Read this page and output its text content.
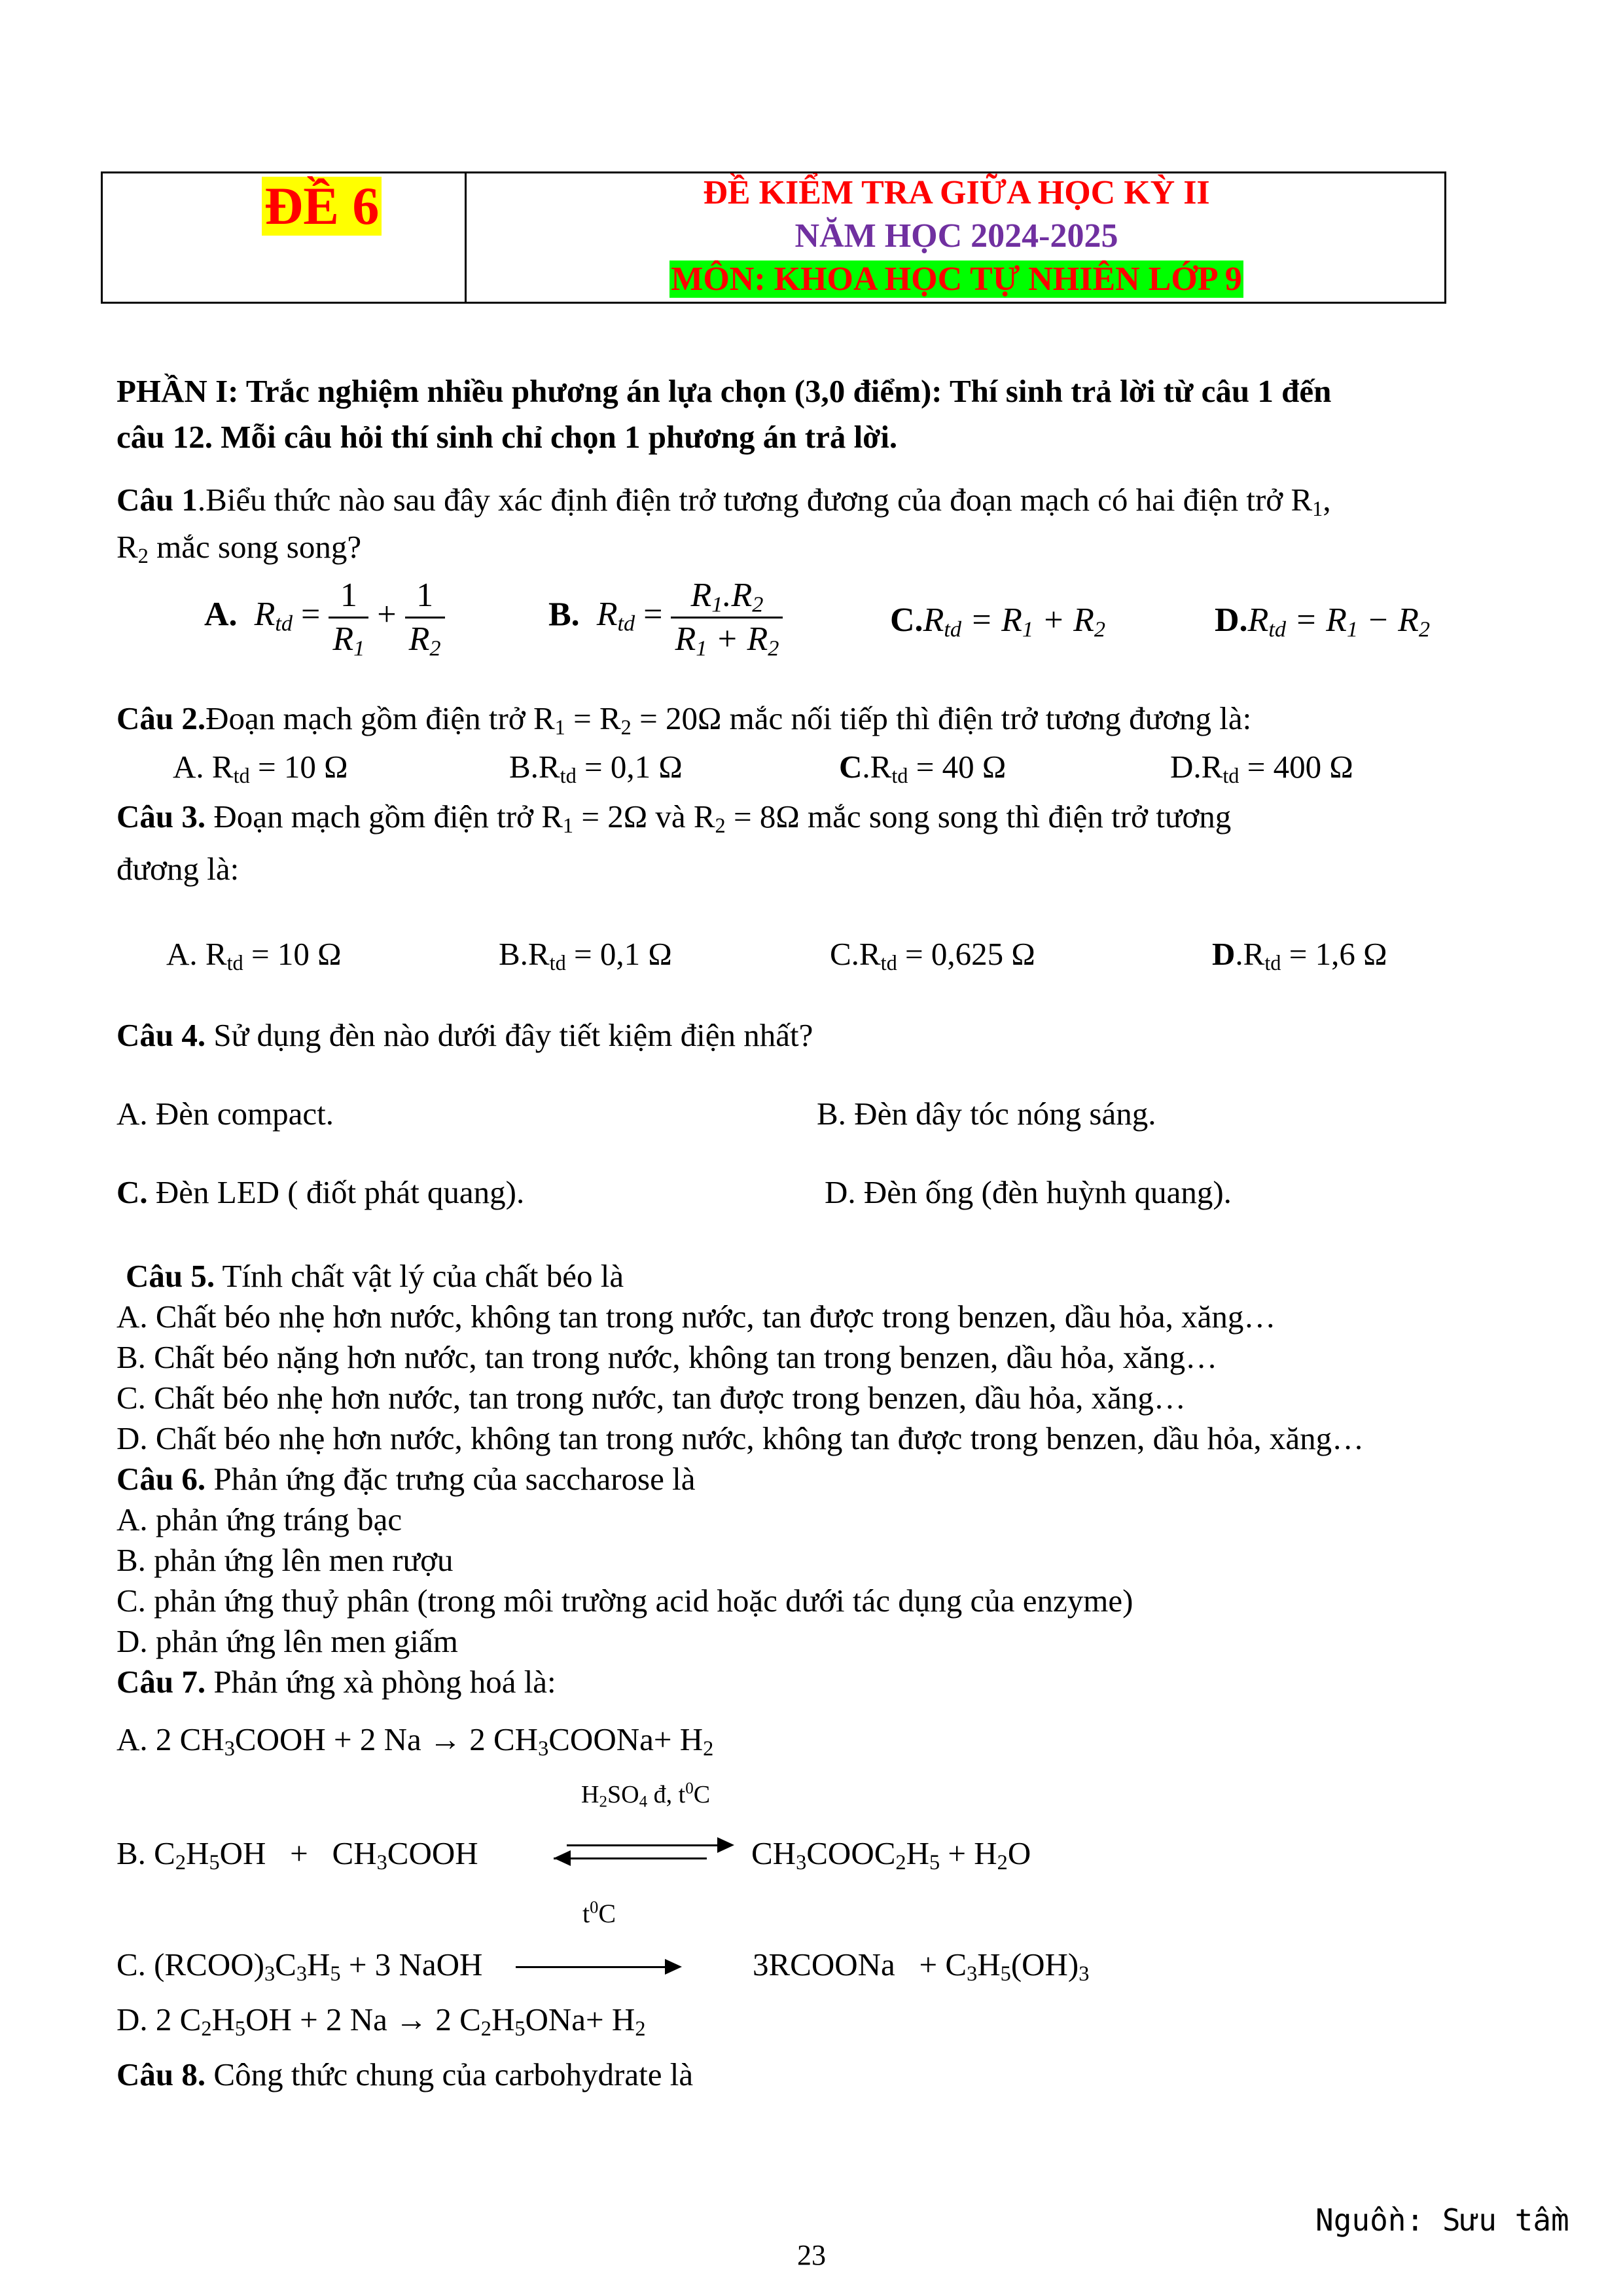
ĐỀ 6	ĐỀ KIỂM TRA GIỮA HỌC KỲ II
NĂM HỌC 2024-2025
MÔN: KHOA HỌC TỰ NHIÊN LỚP 9
PHẦN I: Trắc nghiệm nhiều phương án lựa chọn (3,0 điểm): Thí sinh trả lời từ câu 1 đến
câu 12. Mỗi câu hỏi thí sinh chỉ chọn 1 phương án trả lời.
Câu 1.Biểu thức nào sau đây xác định điện trở tương đương của đoạn mạch có hai điện trở $R_1$,
$R_2$ mắc song song?
A.  $R_{td} = \frac{1}{R_1} + \frac{1}{R_2}$	B.  $R_{td} = \frac{R_1.R_2}{R_1 + R_2}$	$C.R_{td} = R_1 + R_2$	$D.R_{td} = R_1 - R_2$
Câu 2.Đoạn mạch gồm điện trở $R_1 = R_2 = 20\Omega$ mắc nối tiếp thì điện trở tương đương là:
A. $R_{td} = 10$ Ω	$B.R_{td} = 0,1$ Ω	$C.R_{td} = 40$ Ω	$D.R_{td} = 400$ Ω
Câu 3. Đoạn mạch gồm điện trở $R_1 = 2\Omega$ và $R_2 = 8\Omega$ mắc song song thì điện trở tương
đương là:
A. $R_{td} = 10$ Ω	$B.R_{td} = 0,1$ Ω	$C.R_{td} = 0,625$ Ω	$D.R_{td} = 1,6$ Ω
Câu 4. Sử dụng đèn nào dưới đây tiết kiệm điện nhất?
A. Đèn compact.	B. Đèn dây tóc nóng sáng.
C. Đèn LED ( điốt phát quang).	D. Đèn ống (đèn huỳnh quang).
Câu 5. Tính chất vật lý của chất béo là
A. Chất béo nhẹ hơn nước, không tan trong nước, tan được trong benzen, dầu hỏa, xăng…
B. Chất béo nặng hơn nước, tan trong nước, không tan trong benzen, dầu hỏa, xăng…
C. Chất béo nhẹ hơn nước, tan trong nước, tan được trong benzen, dầu hỏa, xăng…
D. Chất béo nhẹ hơn nước, không tan trong nước, không tan được trong benzen, dầu hỏa, xăng…
Câu 6. Phản ứng đặc trưng của saccharose là
A. phản ứng tráng bạc
B. phản ứng lên men rượu
C. phản ứng thuỷ phân (trong môi trường acid hoặc dưới tác dụng của enzyme)
D. phản ứng lên men giấm
Câu 7. Phản ứng xà phòng hoá là:
A. 2 $CH_3COOH + 2$ Na → 2 $CH_3COONa+ H_2$
$H_2SO_4$ đ, $t^0C$
B. $C_2H_5OH$   +   $CH_3COOH$	$CH_3COOC_2H_5 + H_2O$
$t^0C$
C. $(RCOO)_3C_3H_5 + 3$ NaOH	3RCOONa   + $C_3H_5(OH)_3$
D. 2 $C_2H_5OH + 2$ Na → 2 $C_2H_5ONa+ H_2$
Câu 8. Công thức chung của carbohydrate là
Nguồn: Sưu tầm
23
